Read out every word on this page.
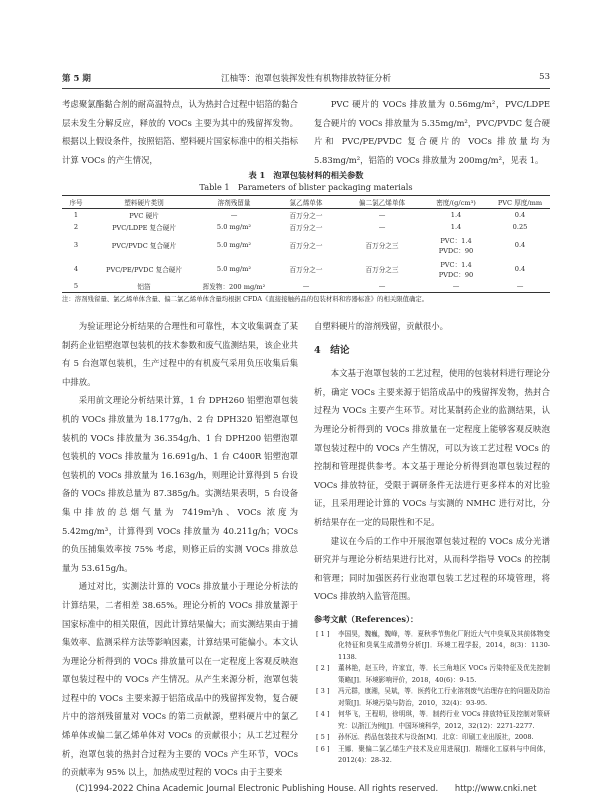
第 5 期	江柚等：泡罩包装挥发性有机物排放特征分析	53

考虑聚氯酯黏合剂的耐高温特点，认为热封合过程中铝箔的黏合层未发生分解反应，释放的 VOCs 主要为其中的残留挥发物。根据以上假设条件，按照铝箔、塑料硬片国家标准中的相关指标计算 VOCs 的产生情况，

PVC 硬片的 VOCs 排放量为 0.56mg/m²，PVC/LDPE 复合硬片的 VOCs 排放量为 5.35mg/m²，PVC/PVDC 复合硬片和 PVC/PE/PVDC 复合硬片的 VOCs 排放量均为 5.83mg/m²，铝箔的 VOCs 排放量为 200mg/m²，见表 1。

表 1　泡罩包装材料的相关参数
Table 1　Parameters of blister packaging materials
序号	塑料硬片类别	溶剂残留量	氯乙烯单体	偏二氯乙烯单体	密度/(g/cm³)	PVC 厚度/mm
1	PVC 硬片	—	百万分之一	—	1.4	0.4
2	PVC/LDPE 复合硬片	5.0 mg/m²	百万分之一	—	1.4	0.25
3	PVC/PVDC 复合硬片	5.0 mg/m²	百万分之一	百万分之三	PVC：1.4
PVDC：90	0.4
4	PVC/PE/PVDC 复合硬片	5.0 mg/m²	百万分之一	百万分之三	PVC：1.4
PVDC：90	0.4
5	铝箔	挥发物：200 mg/m²	—	—	—	—
注：溶剂残留量、氯乙烯单体含量、偏二氯乙烯单体含量均根据 CFDA《直接接触药品的包装材料和容器标准》的相关限值确定。

为验证理论分析结果的合理性和可靠性，本文收集调查了某制药企业铝塑泡罩包装机的技术参数和废气监测结果，该企业共有 5 台泡罩包装机，生产过程中的有机废气采用负压收集后集中排放。

采用前文理论分析结果计算，1 台 DPH260 铝塑泡罩包装机的 VOCs 排放量为 18.177g/h、2 台 DPH320 铝塑泡罩包装机的 VOCs 排放量为 36.354g/h、1 台 DPH200 铝塑泡罩包装机的 VOCs 排放量为 16.691g/h、1 台 C400R 铝塑泡罩包装机的 VOCs 排放量为 16.163g/h，则理论计算得到 5 台设备的 VOCs 排放总量为 87.385g/h。实测结果表明，5 台设备集中排放的总烟气量为 7419m³/h、VOCs 浓度为 5.42mg/m³，计算得到 VOCs 排放量为 40.211g/h；VOCs 的负压捕集效率按 75% 考虑，则修正后的实测 VOCs 排放总量为 53.615g/h。

通过对比，实测法计算的 VOCs 排放量小于理论分析法的计算结果，二者相差 38.65%。理论分析的 VOCs 排放量源于国家标准中的相关限值，因此计算结果偏大；而实测结果由于捕集效率、监测采样方法等影响因素，计算结果可能偏小。本文认为理论分析得到的 VOCs 排放量可以在一定程度上客观反映泡罩包装过程中的 VOCs 产生情况。从产生来源分析，泡罩包装过程中的 VOCs 主要来源于铝箔成品中的残留挥发物，复合硬片中的溶剂残留量对 VOCs 的第二贡献源，塑料硬片中的氯乙烯单体或偏二氯乙烯单体对 VOCs 的贡献很小；从工艺过程分析，泡罩包装的热封合过程为主要的 VOCs 产生环节，VOCs 的贡献率为 95% 以上，加热成型过程的 VOCs 由于主要来

自塑料硬片的溶剂残留，贡献很小。

4　结论

本文基于泡罩包装的工艺过程，使用的包装材料进行理论分析，确定 VOCs 主要来源于铝箔成品中的残留挥发物，热封合过程为 VOCs 主要产生环节。对比某制药企业的监测结果，认为理论分析得到的 VOCs 排放量在一定程度上能够客观反映泡罩包装过程中的 VOCs 产生情况，可以为该工艺过程 VOCs 的控制和管理提供参考。本文基于理论分析得到泡罩包装过程的 VOCs 排放特征，受限于调研条件无法进行更多样本的对比验证，且采用理论计算的 VOCs 与实测的 NMHC 进行对比，分析结果存在一定的局限性和不足。

建议在今后的工作中开展泡罩包装过程的 VOCs 成分光谱研究并与理论分析结果进行比对，从而科学指导 VOCs 的控制和管理；同时加强医药行业泡罩包装工艺过程的环境管理，将 VOCs 排放纳入监管范围。

参考文献（References）：
[ 1 ] 李国昊，魏巍，魏峰，等．夏秋季节焦化厂附近大气中臭氧及其前体物变化特征和臭氧生成潜势分析[J]．环境工程学报，2014，8(3)：1130-1138.
[ 2 ] 董林艳，赵玉玲，许家宜，等．长三角地区 VOCs 污染特征及优先控制策略[J]．环境影响评价，2018，40(6)：9-15.
[ 3 ] 冯元群，康湘，吴斌，等．医药化工行业溶剂废气治理存在的问题及防治对策[J]．环境污染与防治，2010，32(4)：93-95.
[ 4 ] 何华飞，王程明，徐明琪，等．制药行业 VOCs 排放特征及控制对策研究：以浙江为例[J]．中国环境科学，2012，32(12)：2271-2277.
[ 5 ] 孙怀远．药品包装技术与设备[M]．北京：印刷工业出版社，2008.
[ 6 ] 王娜．聚偏二氯乙烯生产技术及应用进展[J]．精细化工原料与中间体，2012(4)：28-32.
(C)1994-2022 China Academic Journal Electronic Publishing House. All rights reserved.　　http://www.cnki.net
